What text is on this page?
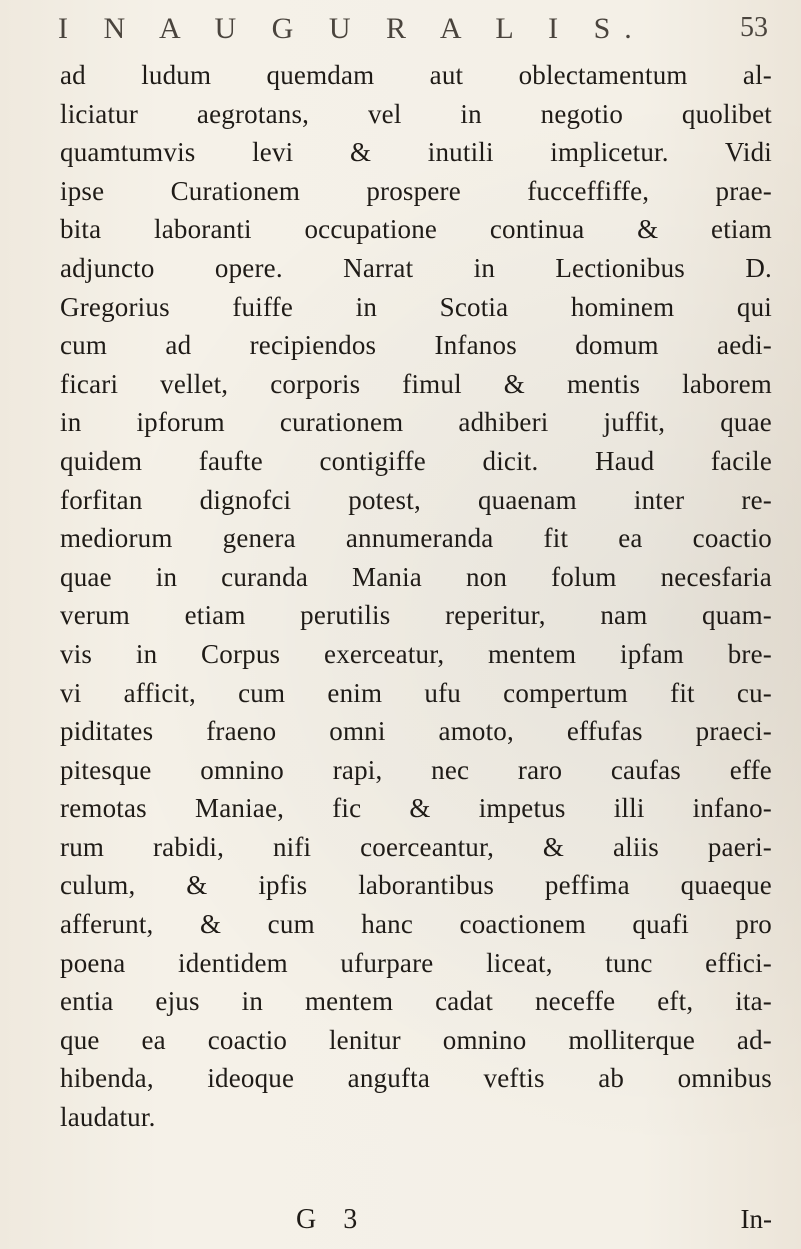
I N A U G U R A L I S.	53
ad ludum quemdam aut oblectamentum al-
liciatur aegrotans, vel in negotio quolibet
quamtumvis levi & inutili implicetur. Vidi
ipse Curationem prospere fucceffiffe, prae-
bita laboranti occupatione continua & etiam
adjuncto opere. Narrat in Lectionibus D.
Gregorius fuiffe in Scotia hominem qui
cum ad recipiendos Infanos domum aedi-
ficari vellet, corporis fimul & mentis laborem
in ipforum curationem adhiberi juffit, quae
quidem faufte contigiffe dicit. Haud facile
forfitan dignofci potest, quaenam inter re-
mediorum genera annumeranda fit ea coactio
quae in curanda Mania non folum necesfaria
verum etiam perutilis reperitur, nam quam-
vis in Corpus exerceatur, mentem ipfam bre-
vi afficit, cum enim ufu compertum fit cu-
piditates fraeno omni amoto, effufas praeci-
pitesque omnino rapi, nec raro caufas effe
remotas Maniae, fic & impetus illi infano-
rum rabidi, nifi coerceantur, & aliis paeri-
culum, & ipfis laborantibus peffima quaeque
afferunt, & cum hanc coactionem quafi pro
poena identidem ufurpare liceat, tunc effici-
entia ejus in mentem cadat neceffe eft, ita-
que ea coactio lenitur omnino molliterque ad-
hibenda, ideoque angufta veftis ab omnibus
laudatur.
G 3	In-
